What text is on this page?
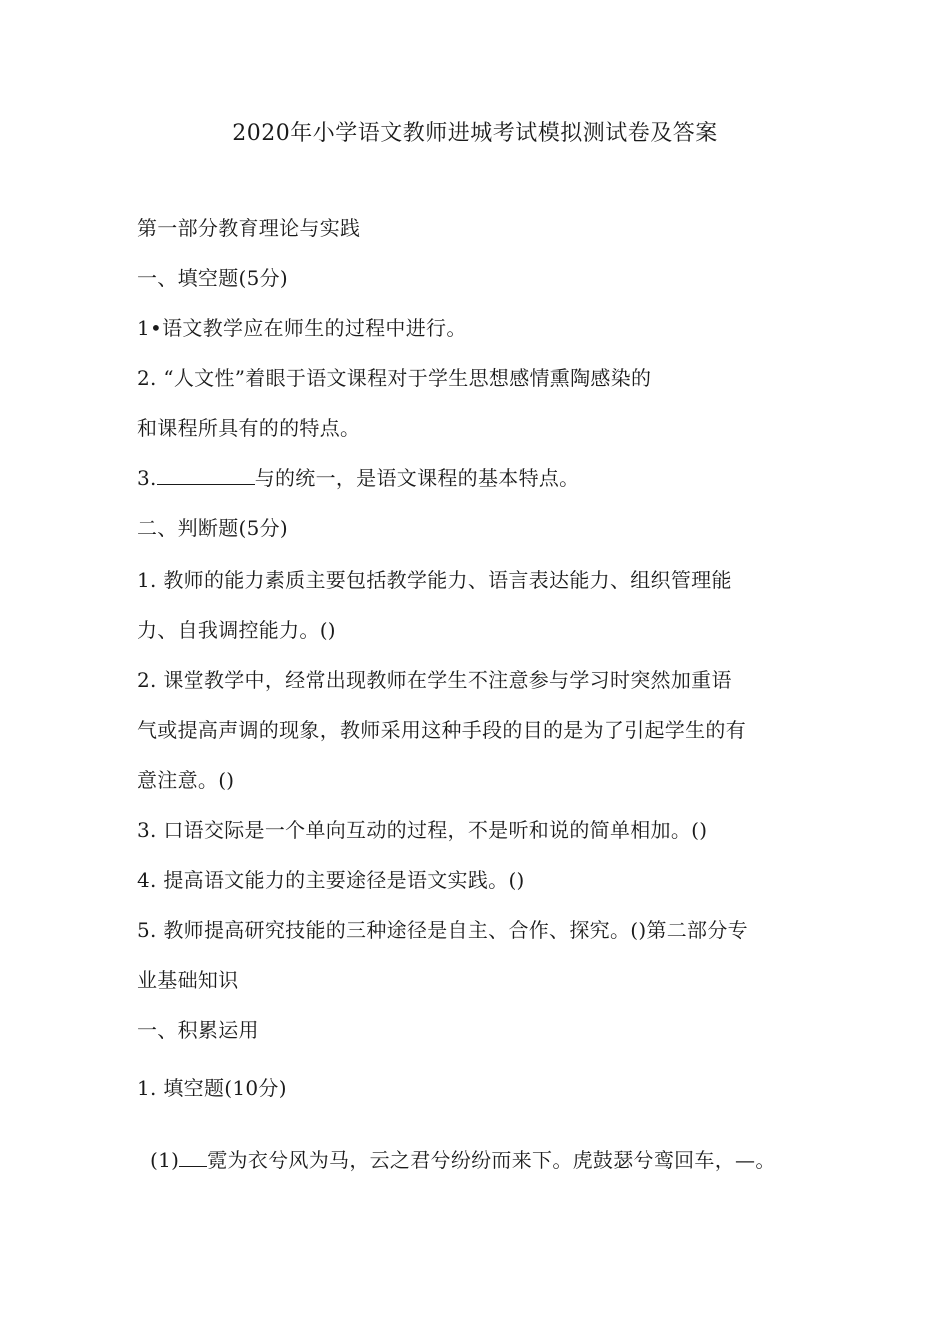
2020年小学语文教师进城考试模拟测试卷及答案
第一部分教育理论与实践
一、填空题(5分)
1•语文教学应在师生的过程中进行。
2. “人文性”着眼于语文课程对于学生思想感情熏陶感染的
和课程所具有的的特点。
3.	与的统一，是语文课程的基本特点。
二、判断题(5分)
1. 教师的能力素质主要包括教学能力、语言表达能力、组织管理能
力、自我调控能力。()
2. 课堂教学中，经常出现教师在学生不注意参与学习时突然加重语
气或提高声调的现象，教师采用这种手段的目的是为了引起学生的有
意注意。()
3. 口语交际是一个单向互动的过程，不是听和说的简单相加。()
4. 提高语文能力的主要途径是语文实践。()
5. 教师提高研究技能的三种途径是自主、合作、探究。()第二部分专
业基础知识
一、积累运用
1. 填空题(10分)
(1) 霓为衣兮风为马，云之君兮纷纷而来下。虎鼓瑟兮鸾回车，—。
